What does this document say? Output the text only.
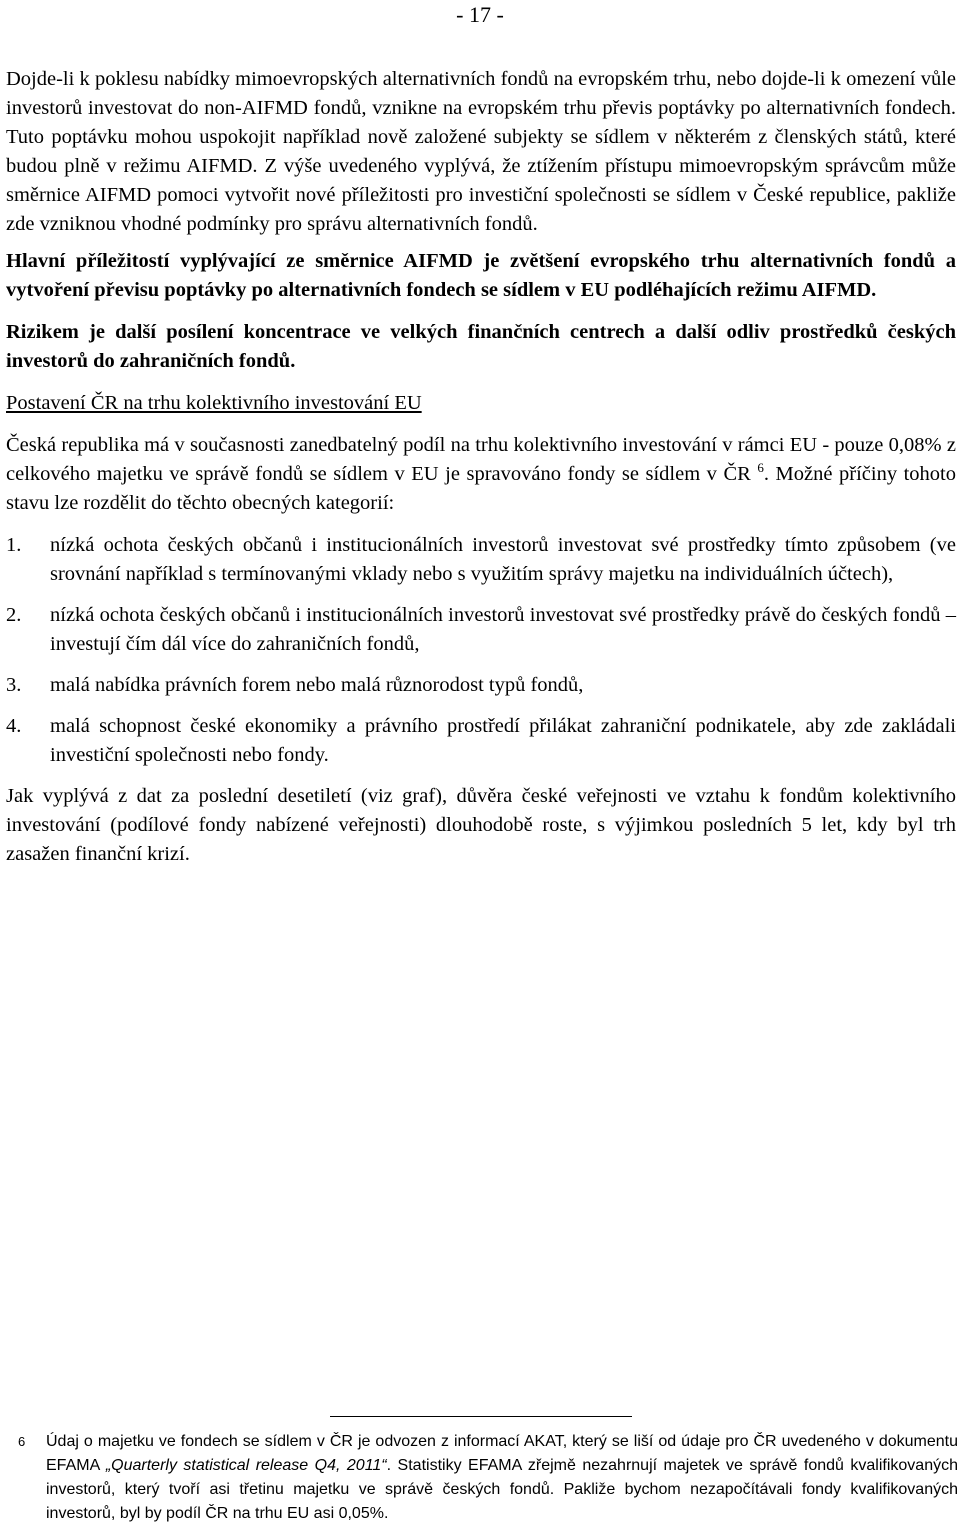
- 17 -

Dojde-li k poklesu nabídky mimoevropských alternativních fondů na evropském trhu, nebo dojde-li k omezení vůle investorů investovat do non-AIFMD fondů, vznikne na evropském trhu převis poptávky po alternativních fondech. Tuto poptávku mohou uspokojit například nově založené subjekty se sídlem v některém z členských států, které budou plně v režimu AIFMD. Z výše uvedeného vyplývá, že ztížením přístupu mimoevropským správcům může směrnice AIFMD pomoci vytvořit nové příležitosti pro investiční společnosti se sídlem v České republice, pakliže zde vzniknou vhodné podmínky pro správu alternativních fondů.

Hlavní příležitostí vyplývající ze směrnice AIFMD je zvětšení evropského trhu alternativních fondů a vytvoření převisu poptávky po alternativních fondech se sídlem v EU podléhajících režimu AIFMD.

Rizikem je další posílení koncentrace ve velkých finančních centrech a další odliv prostředků českých investorů do zahraničních fondů.

Postavení ČR na trhu kolektivního investování EU

Česká republika má v současnosti zanedbatelný podíl na trhu kolektivního investování v rámci EU - pouze 0,08% z celkového majetku ve správě fondů se sídlem v EU je spravováno fondy se sídlem v ČR $^6$. Možné příčiny tohoto stavu lze rozdělit do těchto obecných kategorií:

1.	nízká ochota českých občanů i institucionálních investorů investovat své prostředky tímto způsobem (ve srovnání například s termínovanými vklady nebo s využitím správy majetku na individuálních účtech),
2.	nízká ochota českých občanů i institucionálních investorů investovat své prostředky právě do českých fondů – investují čím dál více do zahraničních fondů,
3.	malá nabídka právních forem nebo malá různorodost typů fondů,
4.	malá schopnost české ekonomiky a právního prostředí přilákat zahraniční podnikatele, aby zde zakládali investiční společnosti nebo fondy.

Jak vyplývá z dat za poslední desetiletí (viz graf), důvěra české veřejnosti ve vztahu k fondům kolektivního investování (podílové fondy nabízené veřejnosti) dlouhodobě roste, s výjimkou posledních 5 let, kdy byl trh zasažen finanční krizí.

6 Údaj o majetku ve fondech se sídlem v ČR je odvozen z informací AKAT, který se liší od údaje pro ČR uvedeného v dokumentu EFAMA „Quarterly statistical release Q4, 2011“. Statistiky EFAMA zřejmě nezahrnují majetek ve správě fondů kvalifikovaných investorů, který tvoří asi třetinu majetku ve správě českých fondů. Pakliže bychom nezapočítávali fondy kvalifikovaných investorů, byl by podíl ČR na trhu EU asi 0,05%.
